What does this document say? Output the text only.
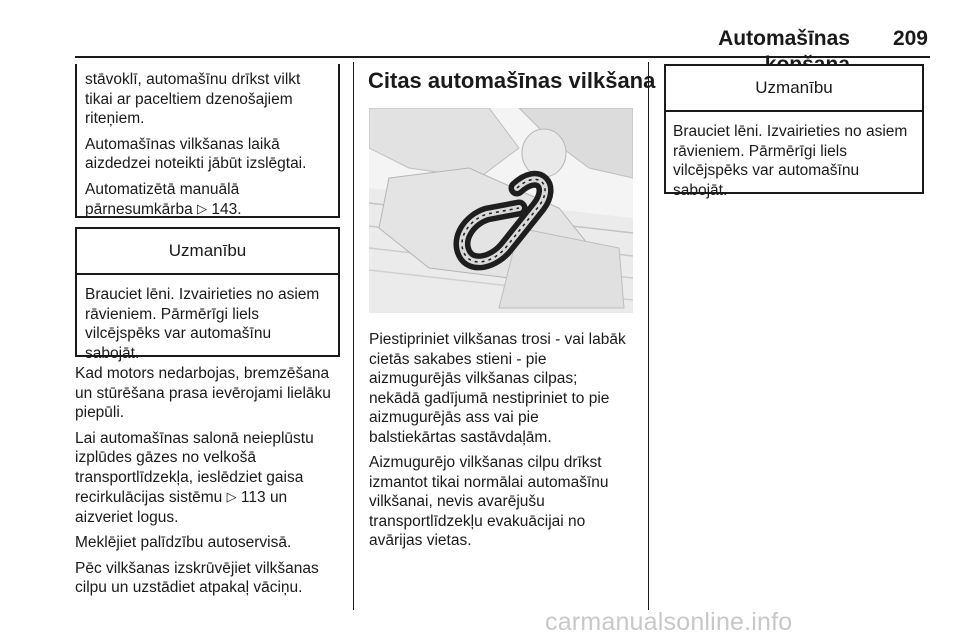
Automašīnas	209

stāvoklī, automašīnu drīkst vilkt
tikai ar paceltiem dzenošajiem
riteņiem.

Automašīnas vilkšanas laikā
aizdedzei noteikti jābūt izslēgtai.

Automatizētā manuālā
pārnesumkārba ▷ 143.

Uzmanību

Brauciet lēni. Izvairieties no asiem
rāvieniem. Pārmērīgi liels
vilcējspēks var automašīnu
sabojāt.

Kad motors nedarbojas, bremzēšana
un stūrēšana prasa ievērojami lielāku
piepūli.

Lai automašīnas salonā neieplūstu
izplūdes gāzes no velkošā
transportlīdzekļa, ieslēdziet gaisa
recirkulācijas sistēmu ▷ 113 un
aizveriet logus.

Meklējiet palīdzību autoservisā.

Pēc vilkšanas izskrūvējiet vilkšanas
cilpu un uzstādiet atpakaļ vāciņu.

Citas automašīnas vilkšana

Piestipriniet vilkšanas trosi - vai labāk
cietās sakabes stieni - pie
aizmugurējās vilkšanas cilpas;
nekādā gadījumā nestipriniet to pie
aizmugurējās ass vai pie
balstiekārtas sastāvdaļām.

Aizmugurējo vilkšanas cilpu drīkst
izmantot tikai normālai automašīnu
vilkšanai, nevis avarējušu
transportlīdzekļu evakuācijai no
avārijas vietas.

Uzmanību

Brauciet lēni. Izvairieties no asiem
rāvieniem. Pārmērīgi liels
vilcējspēks var automašīnu
sabojāt.

carmanualsonline.info
